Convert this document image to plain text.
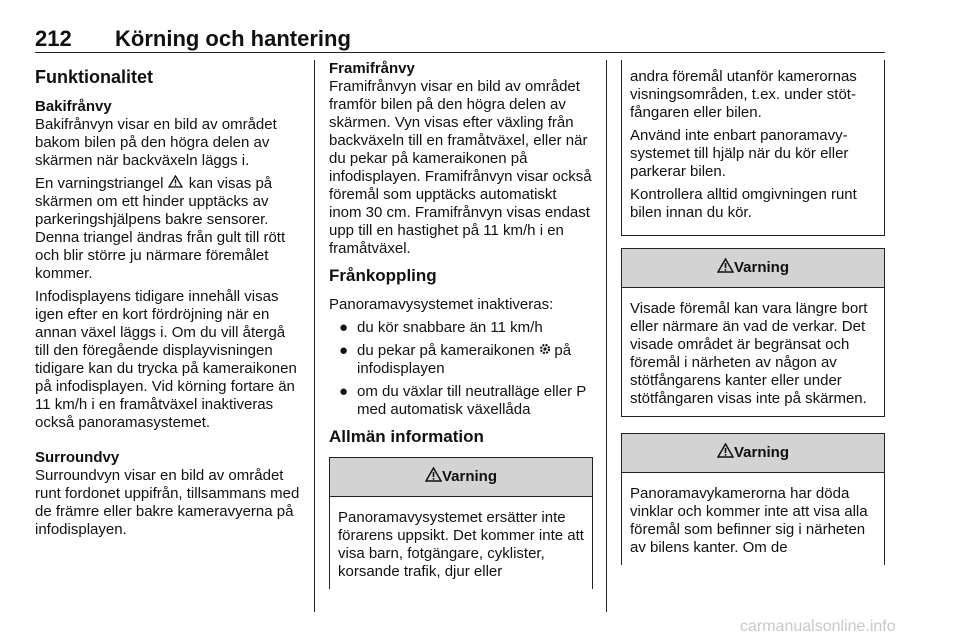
212 Körning och hantering
Funktionalitet
Bakifrånvy

Bakifrånvyn visar en bild av området bakom bilen på den högra delen av skärmen när backväxeln läggs i.

En varningstriangel kan visas på skärmen om ett hinder upptäcks av parkeringshjälpens bakre sensorer. Denna triangel ändras från gult till rött och blir större ju närmare föremålet kommer.

Infodisplayens tidigare innehåll visas igen efter en kort fördröjning när en annan växel läggs i. Om du vill återgå till den föregående displayvisningen tidigare kan du trycka på kameraikonen på infodisplayen. Vid körning fortare än 11 km/h i en framåtväxel inaktiveras också panoramasystemet.

Surroundvy

Surroundvyn visar en bild av området runt fordonet uppifrån, tillsammans med de främre eller bakre kameravyerna på infodisplayen.

Framifrånvy

Framifrånvyn visar en bild av området framför bilen på den högra delen av skärmen. Vyn visas efter växling från backväxeln till en framåtväxel, eller när du pekar på kameraikonen på infodisplayen. Framifrånvyn visar också föremål som upptäcks automatiskt inom 30 cm. Framifrånvyn visas endast upp till en hastighet på 11 km/h i en framåtväxel.

Frånkoppling

Panoramavysystemet inaktiveras:

● du kör snabbare än 11 km/h
● du pekar på kameraikonen på infodisplayen
● om du växlar till neutralläge eller P med automatisk växellåda
Allmän information
Varning

Panoramavysystemet ersätter inte förarens uppsikt. Det kommer inte att visa barn, fotgängare, cyklister, korsande trafik, djur eller

andra föremål utanför kamerornas visningsområden, t.ex. under stötfångaren eller bilen.

Använd inte enbart panoramavysystemet till hjälp när du kör eller parkerar bilen.

Kontrollera alltid omgivningen runt bilen innan du kör.

Varning

Visade föremål kan vara längre bort eller närmare än vad de verkar. Det visade området är begränsat och föremål i närheten av någon av stötfångarens kanter eller under stötfångaren visas inte på skärmen.

Varning

Panoramavykamerorna har döda vinklar och kommer inte att visa alla föremål som befinner sig i närheten av bilens kanter. Om de

carmanualsonline.info
